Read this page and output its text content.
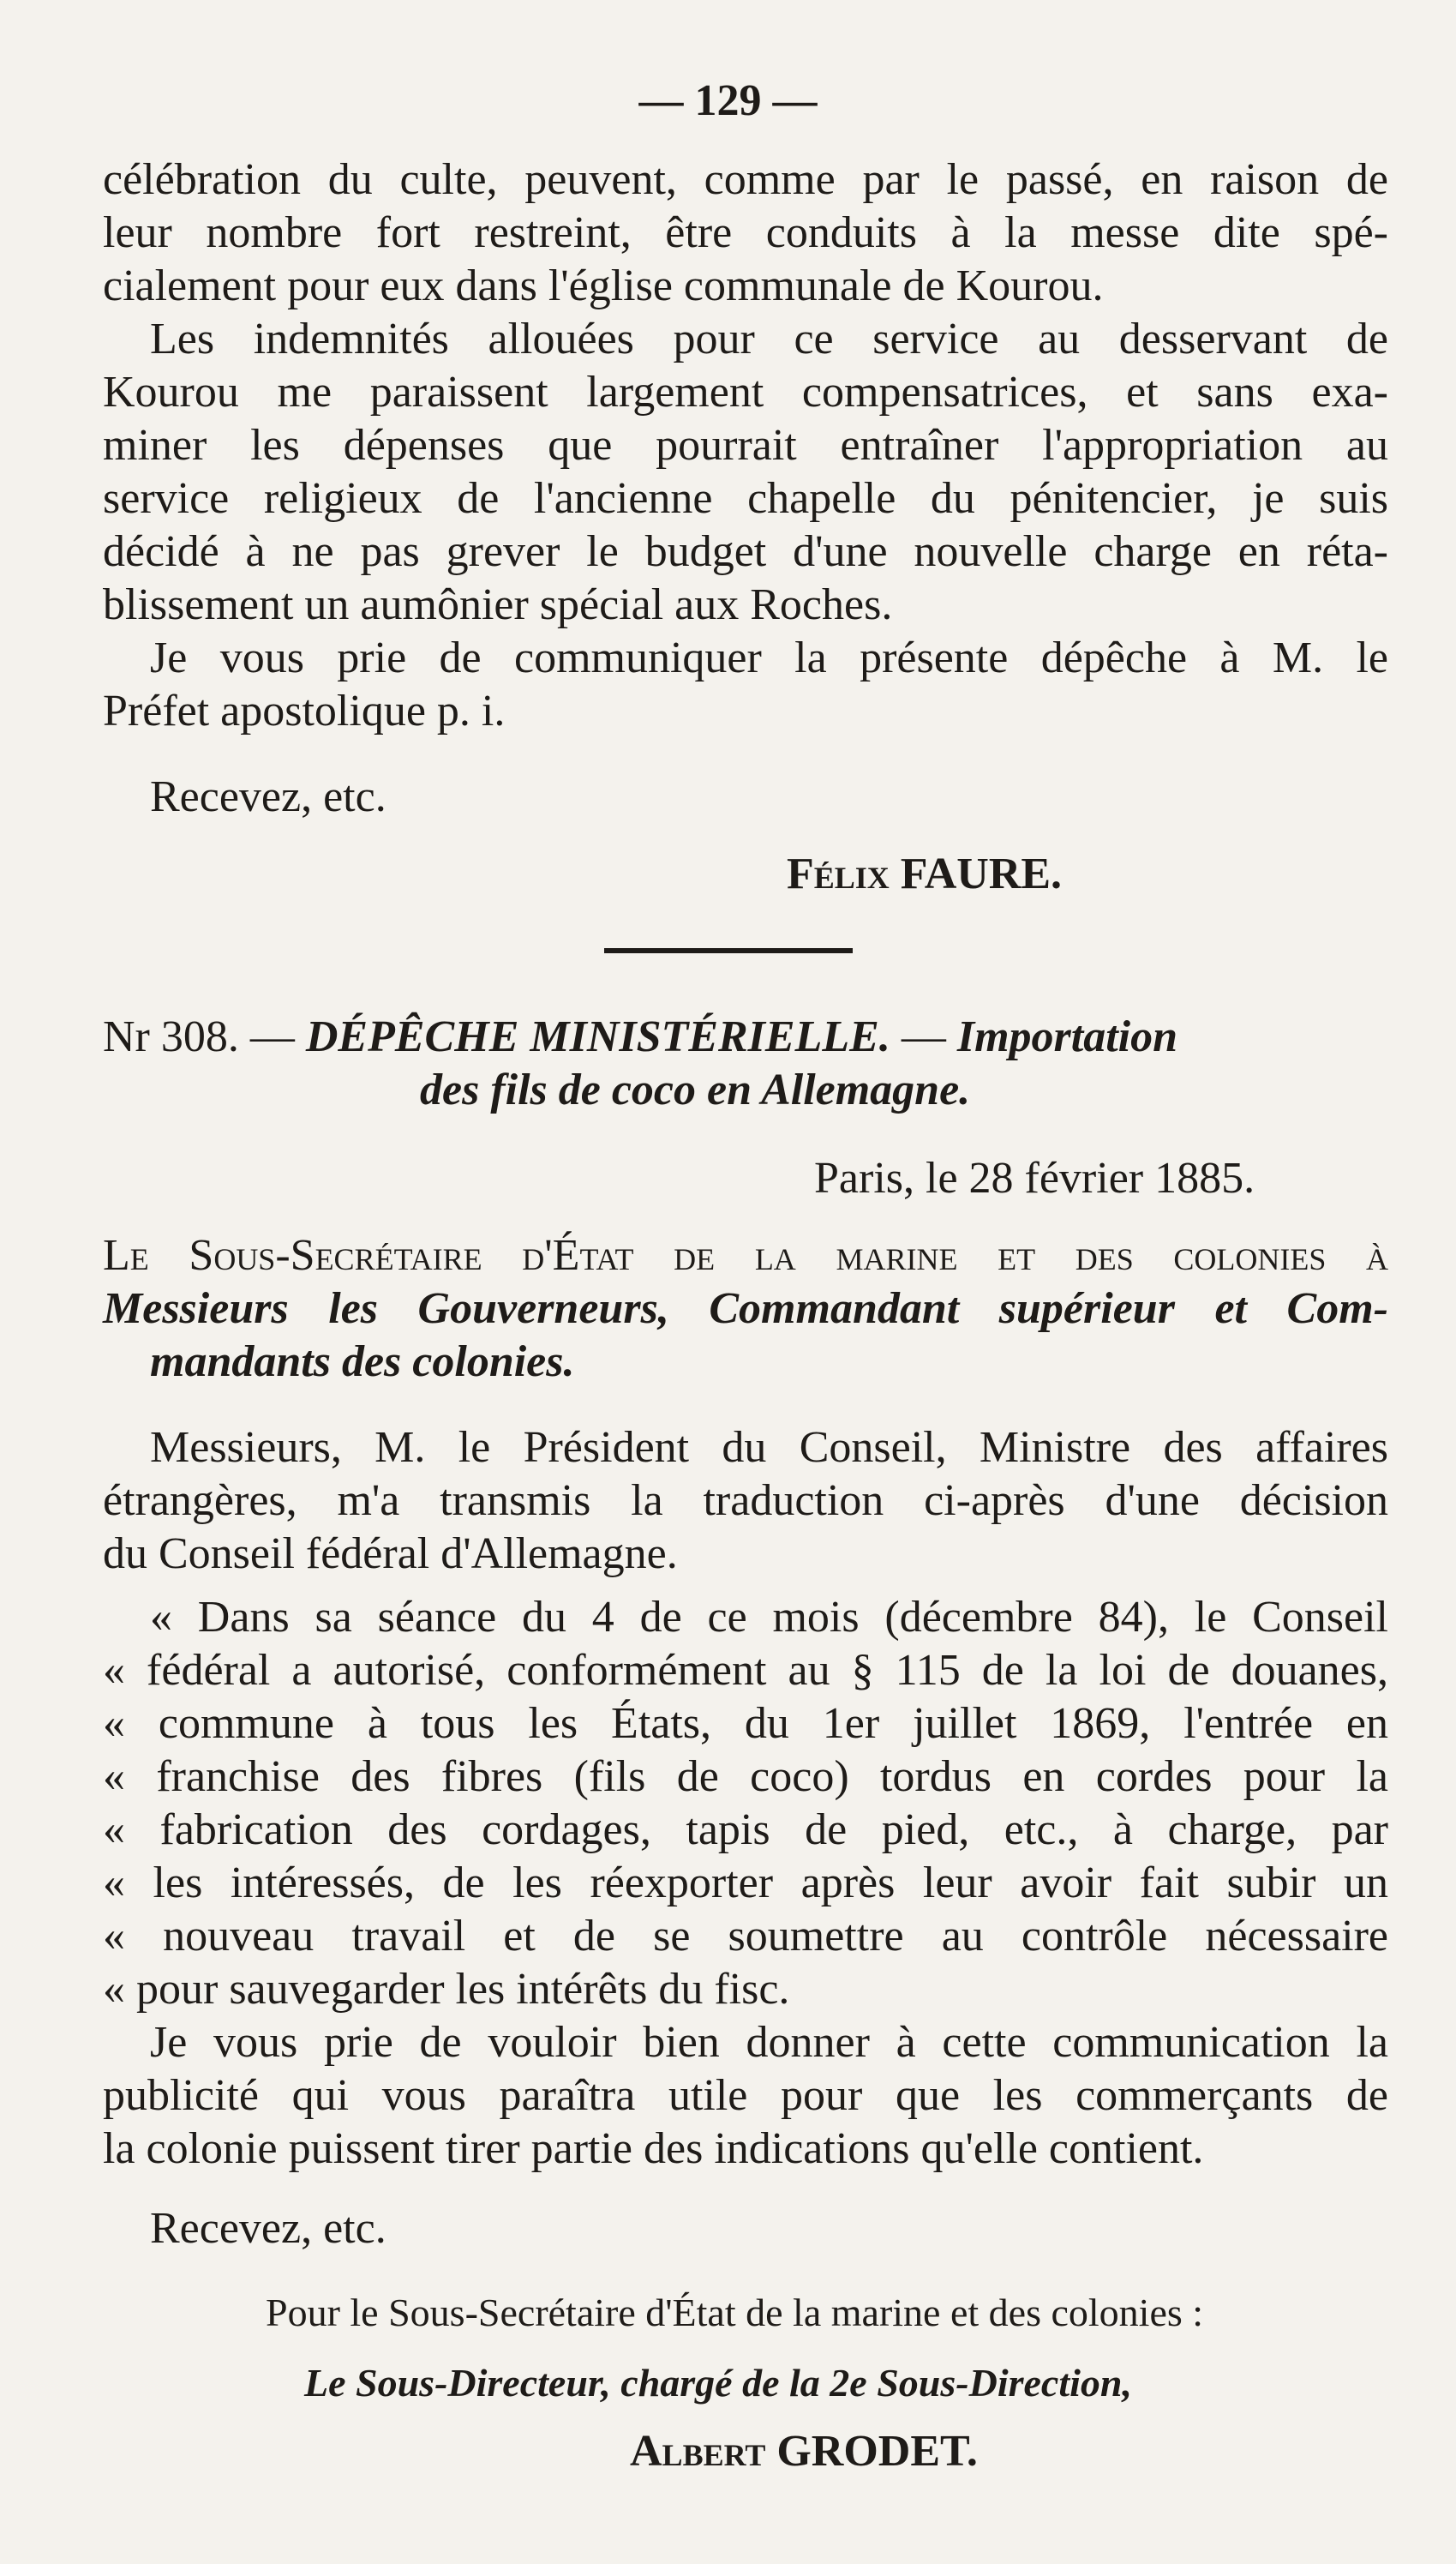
— 129 —
célébration du culte, peuvent, comme par le passé, en raison de
leur nombre fort restreint, être conduits à la messe dite spé-
cialement pour eux dans l'église communale de Kourou.
Les indemnités allouées pour ce service au desservant de
Kourou me paraissent largement compensatrices, et sans exa-
miner les dépenses que pourrait entraîner l'appropriation au
service religieux de l'ancienne chapelle du pénitencier, je suis
décidé à ne pas grever le budget d'une nouvelle charge en réta-
blissement un aumônier spécial aux Roches.
Je vous prie de communiquer la présente dépêche à M. le
Préfet apostolique p. i.
Recevez, etc.
Félix FAURE.
Nr 308. — DÉPÊCHE MINISTÉRIELLE. — Importation
des fils de coco en Allemagne.
Paris, le 28 février 1885.
Le Sous-Secrétaire d'État de la marine et des colonies à
Messieurs les Gouverneurs, Commandant supérieur et Com-
mandants des colonies.
Messieurs, M. le Président du Conseil, Ministre des affaires
étrangères, m'a transmis la traduction ci-après d'une décision
du Conseil fédéral d'Allemagne.
« Dans sa séance du 4 de ce mois (décembre 84), le Conseil
« fédéral a autorisé, conformément au § 115 de la loi de douanes,
« commune à tous les États, du 1er juillet 1869, l'entrée en
« franchise des fibres (fils de coco) tordus en cordes pour la
« fabrication des cordages, tapis de pied, etc., à charge, par
« les intéressés, de les réexporter après leur avoir fait subir un
« nouveau travail et de se soumettre au contrôle nécessaire
« pour sauvegarder les intérêts du fisc.
Je vous prie de vouloir bien donner à cette communication la
publicité qui vous paraîtra utile pour que les commerçants de
la colonie puissent tirer partie des indications qu'elle contient.
Recevez, etc.
Pour le Sous-Secrétaire d'État de la marine et des colonies :
Le Sous-Directeur, chargé de la 2e Sous-Direction,
Albert GRODET.
